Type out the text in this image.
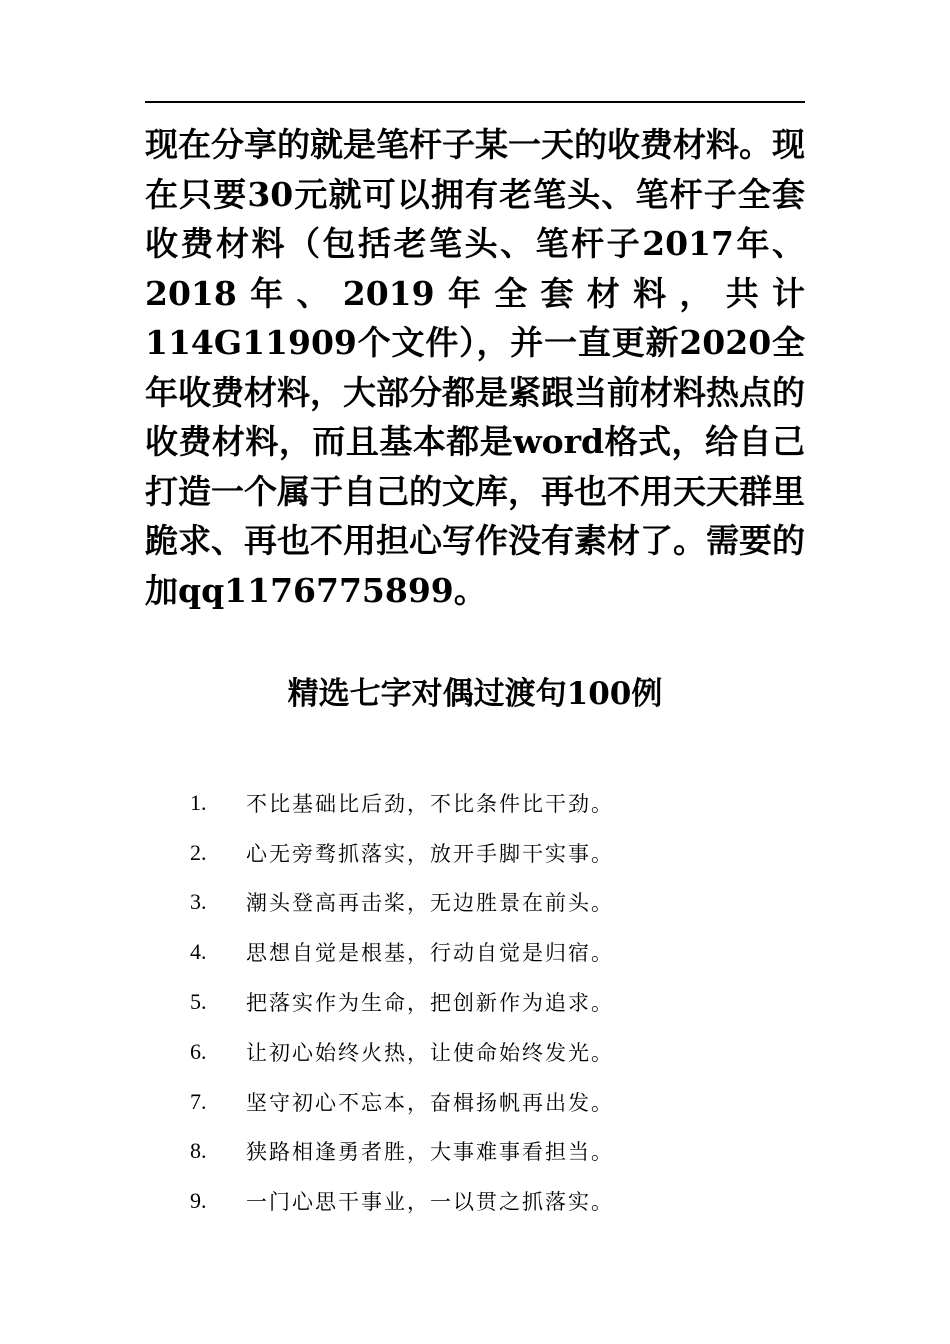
现在分享的就是笔杆子某一天的收费材料。现在只要30元就可以拥有老笔头、笔杆子全套收费材料（包括老笔头、笔杆子2017年、2018年、2019年全套材料，共计114G11909个文件），并一直更新2020全年收费材料，大部分都是紧跟当前材料热点的收费材料，而且基本都是word格式，给自己打造一个属于自己的文库，再也不用天天群里跪求、再也不用担心写作没有素材了。需要的加qq1176775899。

精选七字对偶过渡句100例
1.	不比基础比后劲，不比条件比干劲。
2.	心无旁骛抓落实，放开手脚干实事。
3.	潮头登高再击桨，无边胜景在前头。
4.	思想自觉是根基，行动自觉是归宿。
5.	把落实作为生命，把创新作为追求。
6.	让初心始终火热，让使命始终发光。
7.	坚守初心不忘本，奋楫扬帆再出发。
8.	狭路相逢勇者胜，大事难事看担当。
9.	一门心思干事业，一以贯之抓落实。
